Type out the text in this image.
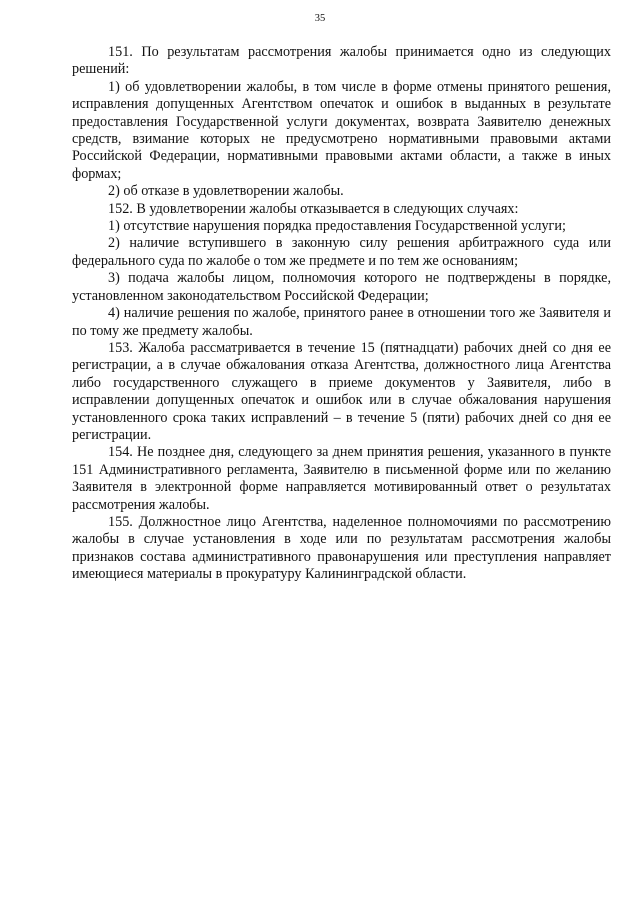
35

151. По результатам рассмотрения жалобы принимается одно из следующих решений:

1) об удовлетворении жалобы, в том числе в форме отмены принятого решения, исправления допущенных Агентством опечаток и ошибок в выданных в результате предоставления Государственной услуги документах, возврата Заявителю денежных средств, взимание которых не предусмотрено нормативными правовыми актами Российской Федерации, нормативными правовыми актами области, а также в иных формах;

2) об отказе в удовлетворении жалобы.

152. В удовлетворении жалобы отказывается в следующих случаях:

1) отсутствие нарушения порядка предоставления Государственной услуги;

2) наличие вступившего в законную силу решения арбитражного суда или федерального суда по жалобе о том же предмете и по тем же основаниям;

3) подача жалобы лицом, полномочия которого не подтверждены в порядке, установленном законодательством Российской Федерации;

4) наличие решения по жалобе, принятого ранее в отношении того же Заявителя и по тому же предмету жалобы.

153. Жалоба рассматривается в течение 15 (пятнадцати) рабочих дней со дня ее регистрации, а в случае обжалования отказа Агентства, должностного лица Агентства либо государственного служащего в приеме документов у Заявителя, либо в исправлении допущенных опечаток и ошибок или в случае обжалования нарушения установленного срока таких исправлений – в течение 5 (пяти) рабочих дней со дня ее регистрации.

154. Не позднее дня, следующего за днем принятия решения, указанного в пункте 151 Административного регламента, Заявителю в письменной форме или по желанию Заявителя в электронной форме направляется мотивированный ответ о результатах рассмотрения жалобы.

155. Должностное лицо Агентства, наделенное полномочиями по рассмотрению жалобы в случае установления в ходе или по результатам рассмотрения жалобы признаков состава административного правонарушения или преступления направляет имеющиеся материалы в прокуратуру Калининградской области.
